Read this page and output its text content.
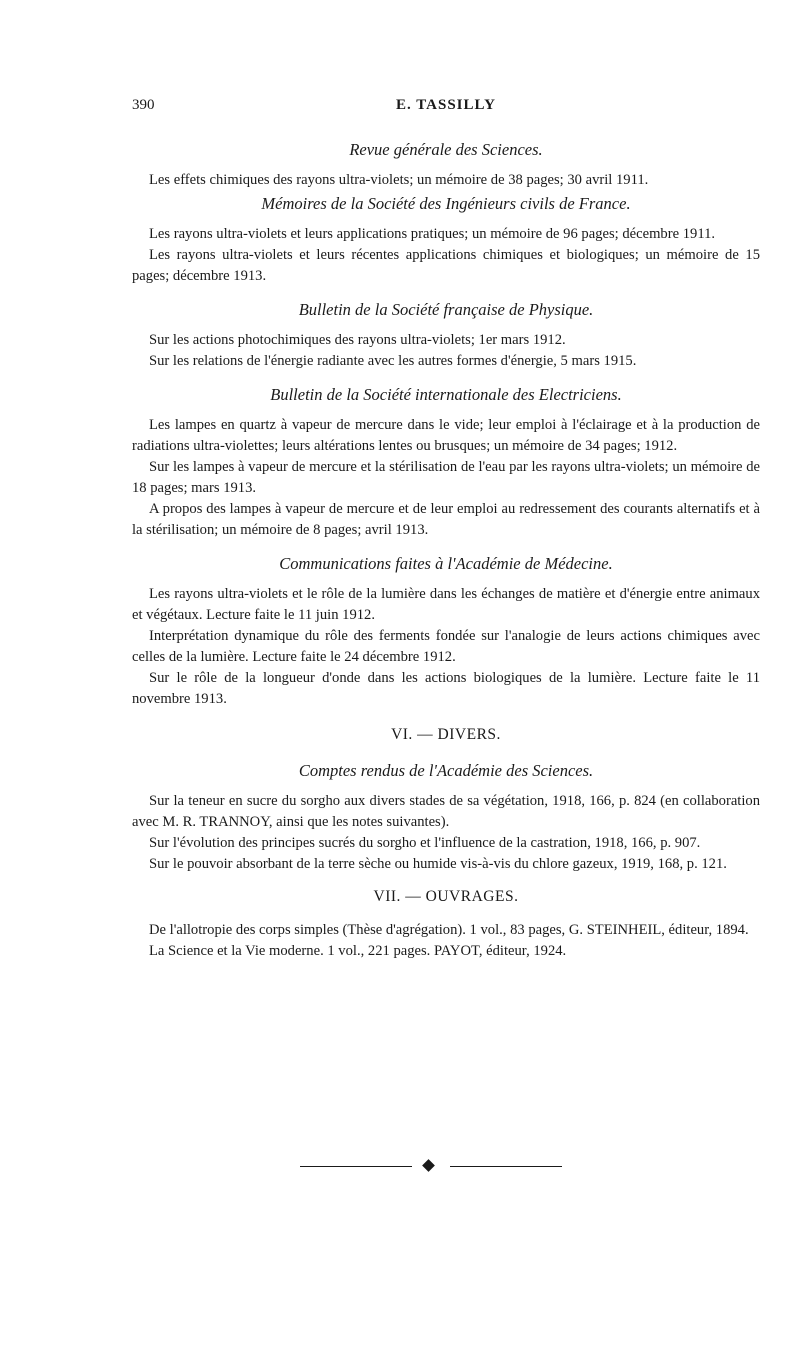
390	E. TASSILLY

Revue générale des Sciences.

Les effets chimiques des rayons ultra-violets; un mémoire de 38 pages; 30 avril 1911.

Mémoires de la Société des Ingénieurs civils de France.

Les rayons ultra-violets et leurs applications pratiques; un mémoire de 96 pages; décembre 1911.

Les rayons ultra-violets et leurs récentes applications chimiques et biologiques; un mémoire de 15 pages; décembre 1913.

Bulletin de la Société française de Physique.

Sur les actions photochimiques des rayons ultra-violets; 1er mars 1912.

Sur les relations de l'énergie radiante avec les autres formes d'énergie, 5 mars 1915.

Bulletin de la Société internationale des Electriciens.

Les lampes en quartz à vapeur de mercure dans le vide; leur emploi à l'éclairage et à la production de radiations ultra-violettes; leurs altérations lentes ou brusques; un mémoire de 34 pages; 1912.

Sur les lampes à vapeur de mercure et la stérilisation de l'eau par les rayons ultra-violets; un mémoire de 18 pages; mars 1913.

A propos des lampes à vapeur de mercure et de leur emploi au redressement des courants alternatifs et à la stérilisation; un mémoire de 8 pages; avril 1913.

Communications faites à l'Académie de Médecine.

Les rayons ultra-violets et le rôle de la lumière dans les échanges de matière et d'énergie entre animaux et végétaux. Lecture faite le 11 juin 1912.

Interprétation dynamique du rôle des ferments fondée sur l'analogie de leurs actions chimiques avec celles de la lumière. Lecture faite le 24 décembre 1912.

Sur le rôle de la longueur d'onde dans les actions biologiques de la lumière. Lecture faite le 11 novembre 1913.

VI. — DIVERS.

Comptes rendus de l'Académie des Sciences.

Sur la teneur en sucre du sorgho aux divers stades de sa végétation, 1918, 166, p. 824 (en collaboration avec M. R. TRANNOY, ainsi que les notes suivantes).

Sur l'évolution des principes sucrés du sorgho et l'influence de la castration, 1918, 166, p. 907.

Sur le pouvoir absorbant de la terre sèche ou humide vis-à-vis du chlore gazeux, 1919, 168, p. 121.

VII. — OUVRAGES.

De l'allotropie des corps simples (Thèse d'agrégation). 1 vol., 83 pages, G. STEINHEIL, éditeur, 1894.

La Science et la Vie moderne. 1 vol., 221 pages. PAYOT, éditeur, 1924.
